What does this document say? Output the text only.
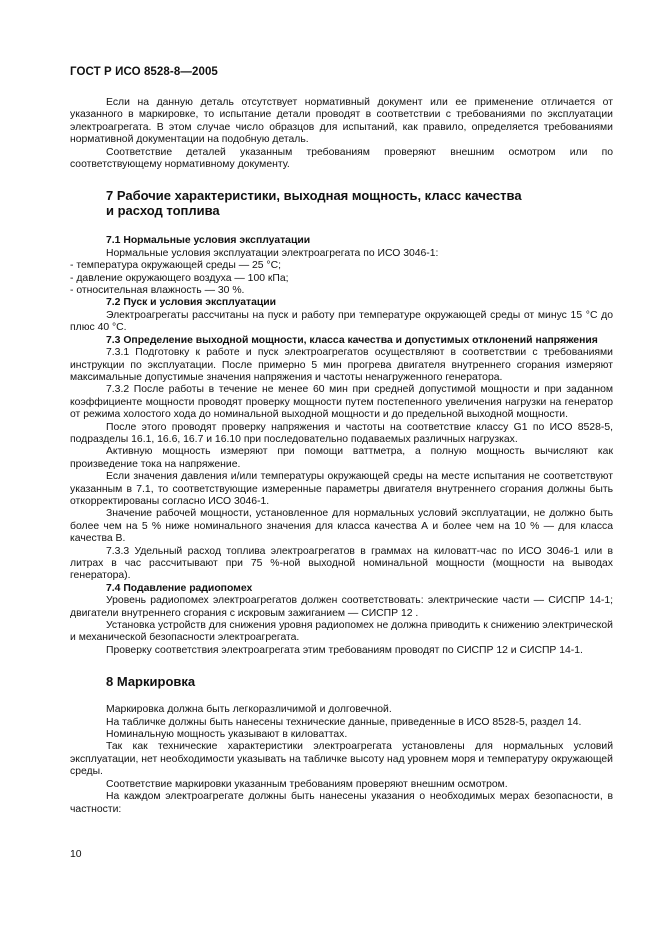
ГОСТ Р ИСО 8528-8—2005

Если на данную деталь отсутствует нормативный документ или ее применение отличается от указанного в маркировке, то испытание детали проводят в соответствии с требованиями по эксплуатации электроагрегата. В этом случае число образцов для испытаний, как правило, определяется требованиями нормативной документации на подобную деталь.

Соответствие деталей указанным требованиям проверяют внешним осмотром или по соответствующему нормативному документу.

7 Рабочие характеристики, выходная мощность, класс качества
и расход топлива

7.1 Нормальные условия эксплуатации

Нормальные условия эксплуатации электроагрегата по ИСО 3046-1:

- температура окружающей среды — 25 °С;

- давление окружающего воздуха — 100 кПа;

- относительная влажность — 30 %.

7.2 Пуск и условия эксплуатации

Электроагрегаты рассчитаны на пуск и работу при температуре окружающей среды от минус 15 °С до плюс 40 °С.

7.3 Определение выходной мощности, класса качества и допустимых отклонений напряжения

7.3.1 Подготовку к работе и пуск электроагрегатов осуществляют в соответствии с требованиями инструкции по эксплуатации. После примерно 5 мин прогрева двигателя внутреннего сгорания измеряют максимальные допустимые значения напряжения и частоты ненагруженного генератора.

7.3.2 После работы в течение не менее 60 мин при средней допустимой мощности и при заданном коэффициенте мощности проводят проверку мощности путем постепенного увеличения нагрузки на генератор от режима холостого хода до номинальной выходной мощности и до предельной выходной мощности.

После этого проводят проверку напряжения и частоты на соответствие классу G1 по ИСО 8528-5, подразделы 16.1, 16.6, 16.7 и 16.10 при последовательно подаваемых различных нагрузках.

Активную мощность измеряют при помощи ваттметра, а полную мощность вычисляют как произведение тока на напряжение.

Если значения давления и/или температуры окружающей среды на месте испытания не соответствуют указанным в 7.1, то соответствующие измеренные параметры двигателя внутреннего сгорания должны быть откорректированы согласно ИСО 3046-1.

Значение рабочей мощности, установленное для нормальных условий эксплуатации, не должно быть более чем на 5 % ниже номинального значения для класса качества А и более чем на 10 % — для класса качества В.

7.3.3 Удельный расход топлива электроагрегатов в граммах на киловатт-час по ИСО 3046-1 или в литрах в час рассчитывают при 75 %-ной выходной номинальной мощности (мощности на выводах генератора).

7.4 Подавление радиопомех

Уровень радиопомех электроагрегатов должен соответствовать: электрические части — СИСПР 14-1; двигатели внутреннего сгорания с искровым зажиганием — СИСПР 12 .

Установка устройств для снижения уровня радиопомех не должна приводить к снижению электрической и механической безопасности электроагрегата.

Проверку соответствия электроагрегата этим требованиям проводят по СИСПР 12 и СИСПР 14-1.

8 Маркировка

Маркировка должна быть легкоразличимой и долговечной.

На табличке должны быть нанесены технические данные, приведенные в ИСО 8528-5, раздел 14.

Номинальную мощность указывают в киловаттах.

Так как технические характеристики электроагрегата установлены для нормальных условий эксплуатации, нет необходимости указывать на табличке высоту над уровнем моря и температуру окружающей среды.

Соответствие маркировки указанным требованиям проверяют внешним осмотром.

На каждом электроагрегате должны быть нанесены указания о необходимых мерах безопасности, в частности:

10
